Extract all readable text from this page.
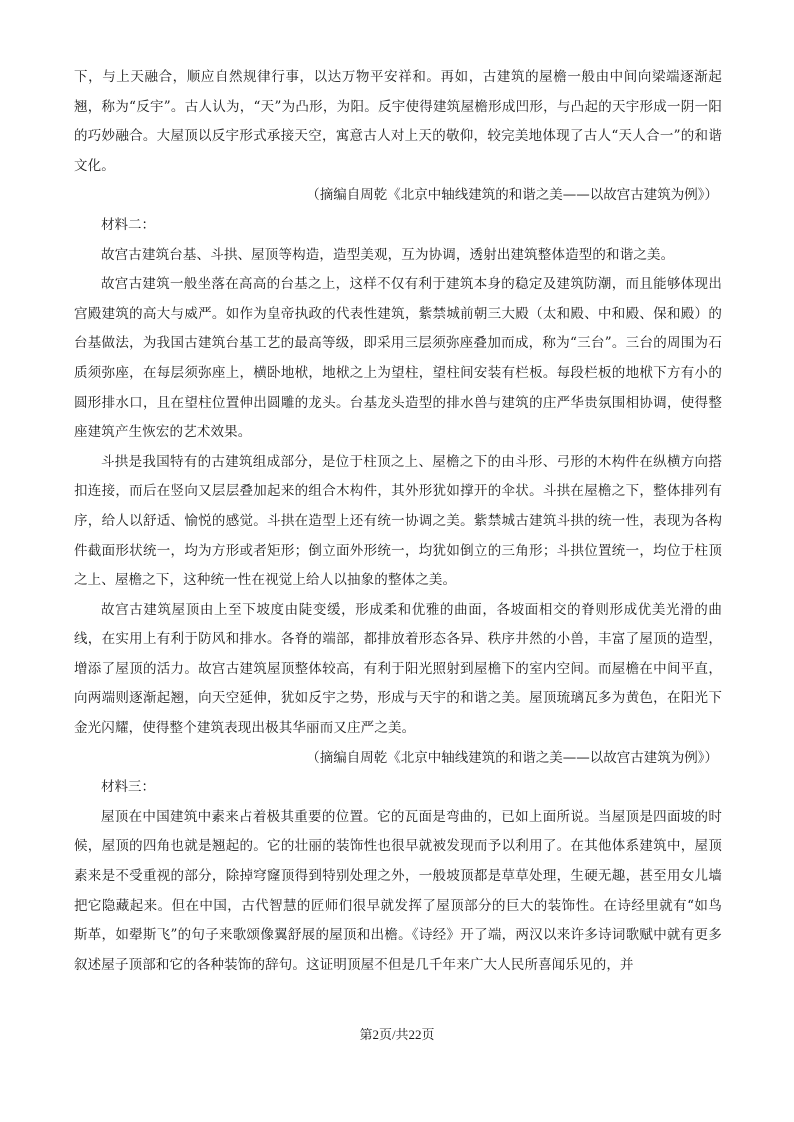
下，与上天融合，顺应自然规律行事，以达万物平安祥和。再如，古建筑的屋檐一般由中间向梁端逐渐起翘，称为“反宇”。古人认为，“天”为凸形，为阳。反宇使得建筑屋檐形成凹形，与凸起的天宇形成一阴一阳的巧妙融合。大屋顶以反宇形式承接天空，寓意古人对上天的敬仰，较完美地体现了古人“天人合一”的和谐文化。

（摘编自周乾《北京中轴线建筑的和谐之美——以故宫古建筑为例》）

材料二：

故宫古建筑台基、斗拱、屋顶等构造，造型美观，互为协调，透射出建筑整体造型的和谐之美。

故宫古建筑一般坐落在高高的台基之上，这样不仅有利于建筑本身的稳定及建筑防潮，而且能够体现出宫殿建筑的高大与威严。如作为皇帝执政的代表性建筑，紫禁城前朝三大殿（太和殿、中和殿、保和殿）的台基做法，为我国古建筑台基工艺的最高等级，即采用三层须弥座叠加而成，称为“三台”。三台的周围为石质须弥座，在每层须弥座上，横卧地栿，地栿之上为望柱，望柱间安装有栏板。每段栏板的地栿下方有小的圆形排水口，且在望柱位置伸出圆雕的龙头。台基龙头造型的排水兽与建筑的庄严华贵氛围相协调，使得整座建筑产生恢宏的艺术效果。

斗拱是我国特有的古建筑组成部分，是位于柱顶之上、屋檐之下的由斗形、弓形的木构件在纵横方向搭扣连接，而后在竖向又层层叠加起来的组合木构件，其外形犹如撑开的伞状。斗拱在屋檐之下，整体排列有序，给人以舒适、愉悦的感觉。斗拱在造型上还有统一协调之美。紫禁城古建筑斗拱的统一性，表现为各构件截面形状统一，均为方形或者矩形；倒立面外形统一，均犹如倒立的三角形；斗拱位置统一，均位于柱顶之上、屋檐之下，这种统一性在视觉上给人以抽象的整体之美。

故宫古建筑屋顶由上至下坡度由陡变缓，形成柔和优雅的曲面，各坡面相交的脊则形成优美光滑的曲线，在实用上有利于防风和排水。各脊的端部，都排放着形态各异、秩序井然的小兽，丰富了屋顶的造型，增添了屋顶的活力。故宫古建筑屋顶整体较高，有利于阳光照射到屋檐下的室内空间。而屋檐在中间平直，向两端则逐渐起翘，向天空延伸，犹如反宇之势，形成与天宇的和谐之美。屋顶琉璃瓦多为黄色，在阳光下金光闪耀，使得整个建筑表现出极其华丽而又庄严之美。

（摘编自周乾《北京中轴线建筑的和谐之美——以故宫古建筑为例》）

材料三：

屋顶在中国建筑中素来占着极其重要的位置。它的瓦面是弯曲的，已如上面所说。当屋顶是四面坡的时候，屋顶的四角也就是翘起的。它的壮丽的装饰性也很早就被发现而予以利用了。在其他体系建筑中，屋顶素来是不受重视的部分，除掉穹窿顶得到特别处理之外，一般坡顶都是草草处理，生硬无趣，甚至用女儿墙把它隐藏起来。但在中国，古代智慧的匠师们很早就发挥了屋顶部分的巨大的装饰性。在诗经里就有“如鸟斯革，如翚斯飞”的句子来歌颂像翼舒展的屋顶和出檐。《诗经》开了端，两汉以来许多诗词歌赋中就有更多叙述屋子顶部和它的各种装饰的辞句。这证明顶屋不但是几千年来广大人民所喜闻乐见的，并

第2页/共22页
